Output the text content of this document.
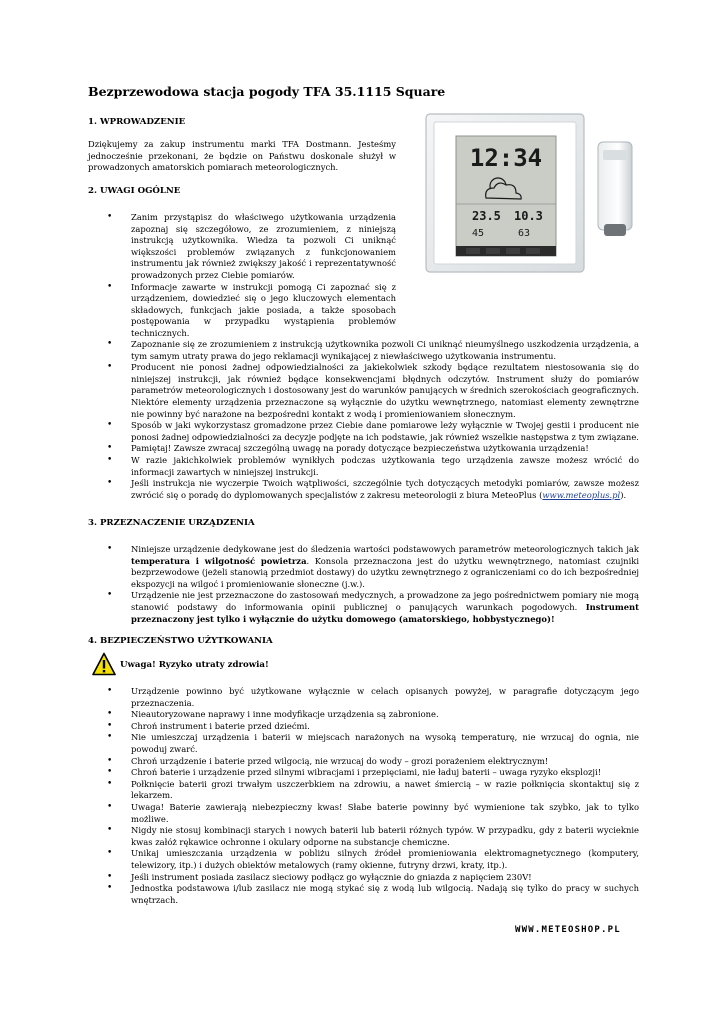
Bezprzewodowa stacja pogody TFA 35.1115 Square
1. WPROWADZENIE
Dziękujemy za zakup instrumentu marki TFA Dostmann. Jesteśmy jednocześnie przekonani, że będzie on Państwu doskonale służył w prowadzonych amatorskich pomiarach meteorologicznych.
2. UWAGI OGÓLNE
• Zanim przystąpisz do właściwego użytkowania urządzenia zapoznaj się szczegółowo, ze zrozumieniem, z niniejszą instrukcją użytkownika. Wiedza ta pozwoli Ci uniknąć większości problemów związanych z funkcjonowaniem instrumentu jak również zwiększy jakość i reprezentatywność prowadzonych przez Ciebie pomiarów.
• Informacje zawarte w instrukcji pomogą Ci zapoznać się z urządzeniem, dowiedzieć się o jego kluczowych elementach składowych, funkcjach jakie posiada, a także sposobach postępowania w przypadku wystąpienia problemów technicznych.
• Zapoznanie się ze zrozumieniem z instrukcją użytkownika pozwoli Ci uniknąć nieumyślnego uszkodzenia urządzenia, a tym samym utraty prawa do jego reklamacji wynikającej z niewłaściwego użytkowania instrumentu.
• Producent nie ponosi żadnej odpowiedzialności za jakiekolwiek szkody będące rezultatem niestosowania się do niniejszej instrukcji, jak również będące konsekwencjami błędnych odczytów. Instrument służy do pomiarów parametrów meteorologicznych i dostosowany jest do warunków panujących w średnich szerokościach geograficznych. Niektóre elementy urządzenia przeznaczone są wyłącznie do użytku wewnętrznego, natomiast elementy zewnętrzne nie powinny być narażone na bezpośredni kontakt z wodą i promieniowaniem słonecznym.
• Sposób w jaki wykorzystasz gromadzone przez Ciebie dane pomiarowe leży wyłącznie w Twojej gestii i producent nie ponosi żadnej odpowiedzialności za decyzje podjęte na ich podstawie, jak również wszelkie następstwa z tym związane.
• Pamiętaj! Zawsze zwracaj szczególną uwagę na porady dotyczące bezpieczeństwa użytkowania urządzenia!
• W razie jakichkolwiek problemów wynikłych podczas użytkowania tego urządzenia zawsze możesz wrócić do informacji zawartych w niniejszej instrukcji.
• Jeśli instrukcja nie wyczerpie Twoich wątpliwości, szczególnie tych dotyczących metodyki pomiarów, zawsze możesz zwrócić się o poradę do dyplomowanych specjalistów z zakresu meteorologii z biura MeteoPlus (www.meteoplus.pl).
3. PRZEZNACZENIE URZĄDZENIA
• Niniejsze urządzenie dedykowane jest do śledzenia wartości podstawowych parametrów meteorologicznych takich jak temperatura i wilgotność powietrza. Konsola przeznaczona jest do użytku wewnętrznego, natomiast czujniki bezprzewodowe (jeżeli stanowią przedmiot dostawy) do użytku zewnętrznego z ograniczeniami co do ich bezpośredniej ekspozycji na wilgoć i promieniowanie słoneczne (j.w.).
• Urządzenie nie jest przeznaczone do zastosowań medycznych, a prowadzone za jego pośrednictwem pomiary nie mogą stanowić podstawy do informowania opinii publicznej o panujących warunkach pogodowych. Instrument przeznaczony jest tylko i wyłącznie do użytku domowego (amatorskiego, hobbystycznego)!
4. BEZPIECZEŃSTWO UŻYTKOWANIA
Uwaga! Ryzyko utraty zdrowia!
• Urządzenie powinno być użytkowane wyłącznie w celach opisanych powyżej, w paragrafie dotyczącym jego przeznaczenia.
• Nieautoryzowane naprawy i inne modyfikacje urządzenia są zabronione.
• Chroń instrument i baterie przed dziećmi.
• Nie umieszczaj urządzenia i baterii w miejscach narażonych na wysoką temperaturę, nie wrzucaj do ognia, nie powoduj zwarć.
• Chroń urządzenie i baterie przed wilgocią, nie wrzucaj do wody – grozi porażeniem elektrycznym!
• Chroń baterie i urządzenie przed silnymi wibracjami i przepięciami, nie ładuj baterii – uwaga ryzyko eksplozji!
• Połknięcie baterii grozi trwałym uszczerbkiem na zdrowiu, a nawet śmiercią – w razie połknięcia skontaktuj się z lekarzem.
• Uwaga! Baterie zawierają niebezpieczny kwas! Słabe baterie powinny być wymienione tak szybko, jak to tylko możliwe.
• Nigdy nie stosuj kombinacji starych i nowych baterii lub baterii różnych typów. W przypadku, gdy z baterii wycieknie kwas załóż rękawice ochronne i okulary odporne na substancje chemiczne.
• Unikaj umieszczania urządzenia w pobliżu silnych źródeł promieniowania elektromagnetycznego (komputery, telewizory, itp.) i dużych obiektów metalowych (ramy okienne, futryny drzwi, kraty, itp.).
• Jeśli instrument posiada zasilacz sieciowy podłącz go wyłącznie do gniazda z napięciem 230V!
• Jednostka podstawowa i/lub zasilacz nie mogą stykać się z wodą lub wilgocią. Nadają się tylko do pracy w suchych wnętrzach.
12:34
23.5 10.3
45	63
WWW.METEOSHOP.PL
